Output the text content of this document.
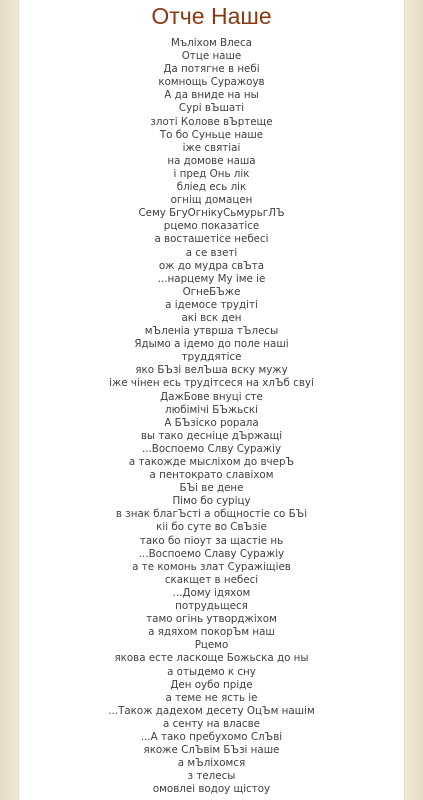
Отче Наше
Мълiхом Влеса
Отце наше
Да потягне в небi
комнощь Суражоув
А да вниде на ны
Сурi вЪшатi
злотi Колове вЪртеще
То бо Суньце наше
iже святiаi
на домове наша
i пред Онь лiк
блiед есь лiк
огнiщ домацен
Сему БгуОгнiкуСьмурьгЛЪ
рцемо показатiсе
а восташетiсе небесi
а се взетi
ож до мудра свЪта
...нарцему Му iме iе
ОгнеБЪже
а iдемосе трудiтi
акi вск ден
мЪленiа утврша тЪлесы
Ядымо а iдемо до поле нашi
труддятiсе
яко БЪзi велЪша вску мужу
iже чiнен есь трудiтсеся на хлЪб свуi
ДажБове внуцi сте
любiмiчi БЪжьскi
А БЪзiско рорала
вы тако деснiце дЪржащi
...Воспоемо Слву Суражiу
а такожде мыслiхом до вчерЪ
а пентократо славiхом
БЪi ве дене
Пiмо бо сурiцу
в знак благЪстi а общностiе со БЪi
кii бо суте во СвЪзiе
тако бо пiоут за щастiе нь
...Воспоемо Славу Суражiу
а те комонь злат Суражiщiев
скакщет в небесi
...Дому iдяхом
потрудьщеся
тамо огiнь утворджiхом
а ядяхом покорЪм наш
Рцемо
якова есте ласкоще Божьска до ны
а отыдемо к сну
Ден оубо прiде
а теме не ясть iе
...Також дадехом десету ОцЪм нашiм
а сенту на власве
...А тако пребухомо СлЪвi
якоже СлЪвiм БЪзi наше
а мЪлiхомся
з телесы
омовлеi водоу щiстоу
